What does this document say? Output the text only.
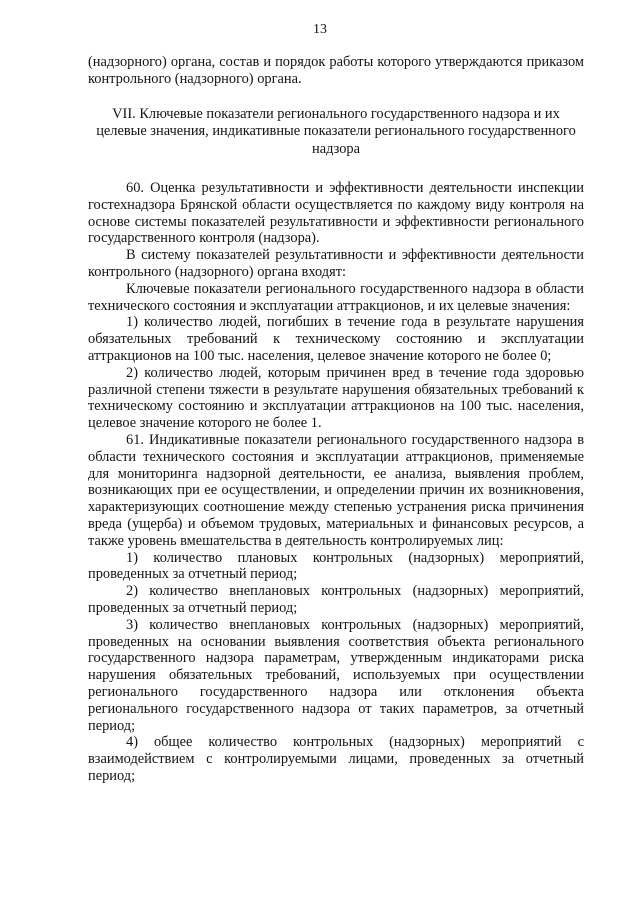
13

(надзорного) органа, состав и порядок работы которого утверждаются приказом контрольного (надзорного) органа.

VII. Ключевые показатели регионального государственного надзора и их целевые значения, индикативные показатели регионального государственного надзора

60. Оценка результативности и эффективности деятельности инспекции гостехнадзора Брянской области осуществляется по каждому виду контроля на основе системы показателей результативности и эффективности регионального государственного контроля (надзора).

В систему показателей результативности и эффективности деятельности контрольного (надзорного) органа входят:

Ключевые показатели регионального государственного надзора в области технического состояния и эксплуатации аттракционов, и их целевые значения:

1) количество людей, погибших в течение года в результате нарушения обязательных требований к техническому состоянию и эксплуатации аттракционов на 100 тыс. населения, целевое значение которого не более 0;

2) количество людей, которым причинен вред в течение года здоровью различной степени тяжести в результате нарушения обязательных требований к техническому состоянию и эксплуатации аттракционов на 100 тыс. населения, целевое значение которого не более 1.

61. Индикативные показатели регионального государственного надзора в области технического состояния и эксплуатации аттракционов, применяемые для мониторинга надзорной деятельности, ее анализа, выявления проблем, возникающих при ее осуществлении, и определении причин их возникновения, характеризующих соотношение между степенью устранения риска причинения вреда (ущерба) и объемом трудовых, материальных и финансовых ресурсов, а также уровень вмешательства в деятельность контролируемых лиц:

1) количество плановых контрольных (надзорных) мероприятий, проведенных за отчетный период;

2) количество внеплановых контрольных (надзорных) мероприятий, проведенных за отчетный период;

3) количество внеплановых контрольных (надзорных) мероприятий, проведенных на основании выявления соответствия объекта регионального государственного надзора параметрам, утвержденным индикаторами риска нарушения обязательных требований, используемых при осуществлении регионального государственного надзора или отклонения объекта регионального государственного надзора от таких параметров, за отчетный период;

4) общее количество контрольных (надзорных) мероприятий с взаимодействием с контролируемыми лицами, проведенных за отчетный период;
